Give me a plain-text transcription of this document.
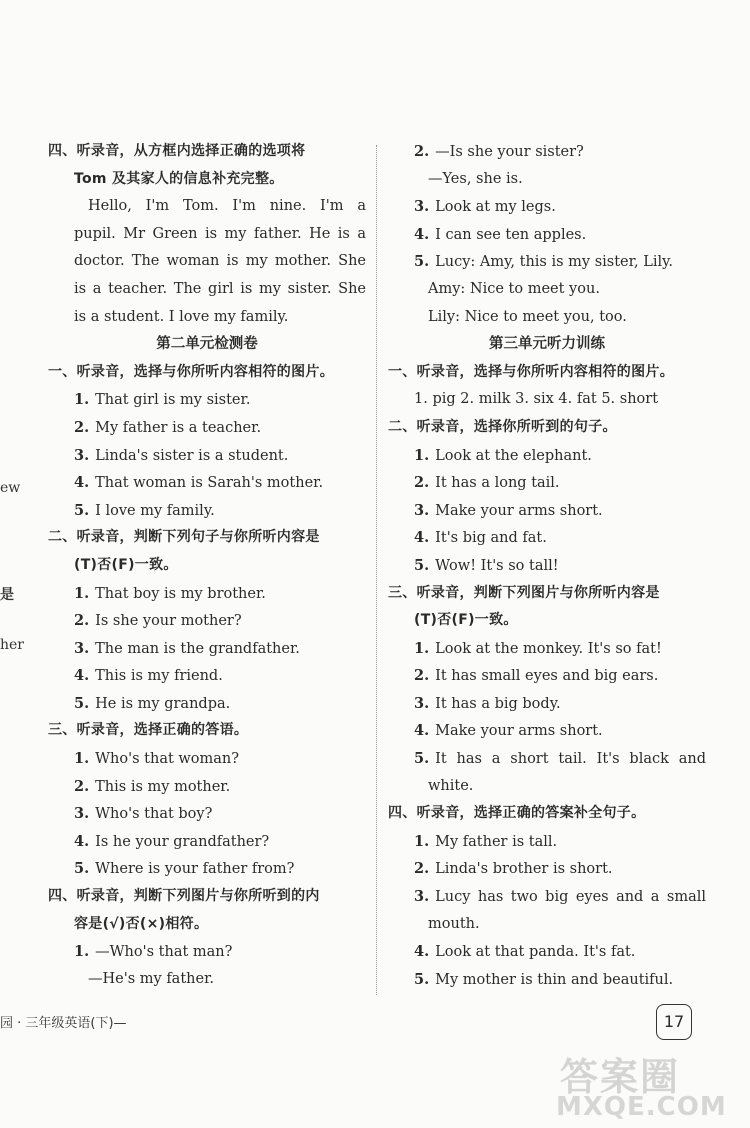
四、听录音，从方框内选择正确的选项将
Tom 及其家人的信息补充完整。
Hello, I'm Tom. I'm nine. I'm a
pupil. Mr Green is my father. He is a
doctor. The woman is my mother. She
is a teacher. The girl is my sister. She
is a student. I love my family.
第二单元检测卷
一、听录音，选择与你所听内容相符的图片。
1. That girl is my sister.
2. My father is a teacher.
3. Linda's sister is a student.
4. That woman is Sarah's mother.
5. I love my family.
二、听录音，判断下列句子与你所听内容是
(T)否(F)一致。
1. That boy is my brother.
2. Is she your mother?
3. The man is the grandfather.
4. This is my friend.
5. He is my grandpa.
三、听录音，选择正确的答语。
1. Who's that woman?
2. This is my mother.
3. Who's that boy?
4. Is he your grandfather?
5. Where is your father from?
四、听录音，判断下列图片与你所听到的内
容是(√)否(×)相符。
1. —Who's that man?
—He's my father.
2. —Is she your sister?
—Yes, she is.
3. Look at my legs.
4. I can see ten apples.
5. Lucy: Amy, this is my sister, Lily.
Amy: Nice to meet you.
Lily: Nice to meet you, too.
第三单元听力训练
一、听录音，选择与你所听内容相符的图片。
1. pig 2. milk 3. six 4. fat 5. short
二、听录音，选择你所听到的句子。
1. Look at the elephant.
2. It has a long tail.
3. Make your arms short.
4. It's big and fat.
5. Wow! It's so tall!
三、听录音，判断下列图片与你所听内容是
(T)否(F)一致。
1. Look at the monkey. It's so fat!
2. It has small eyes and big ears.
3. It has a big body.
4. Make your arms short.
5. It has a short tail. It's black and
white.
四、听录音，选择正确的答案补全句子。
1. My father is tall.
2. Linda's brother is short.
3. Lucy has two big eyes and a small
mouth.
4. Look at that panda. It's fat.
5. My mother is thin and beautiful.
ew
是
her
园 · 三年级英语(下)—	17
答案圈
MXQE.COM
